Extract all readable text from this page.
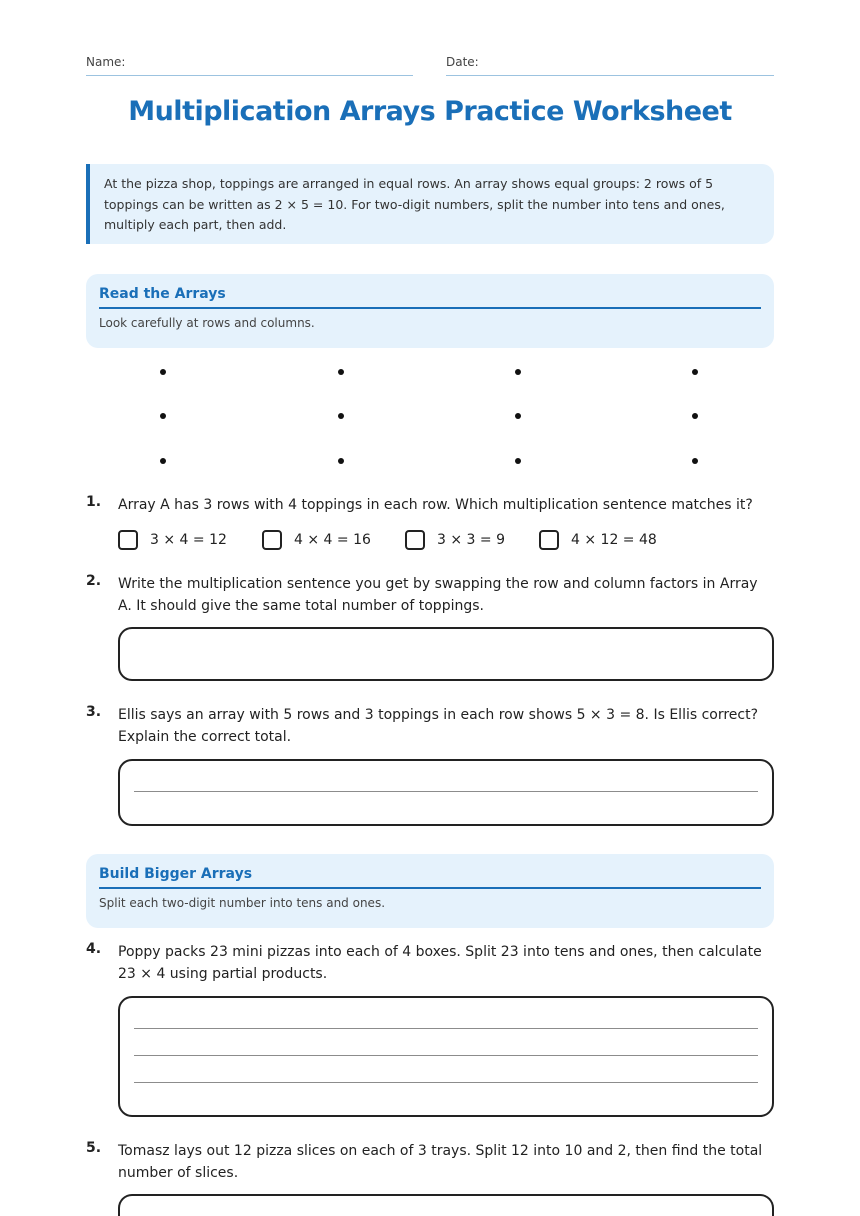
Name:	Date:
Multiplication Arrays Practice Worksheet
At the pizza shop, toppings are arranged in equal rows. An array shows equal groups: 2 rows of 5 toppings can be written as 2 × 5 = 10. For two-digit numbers, split the number into tens and ones, multiply each part, then add.
Read the Arrays
Look carefully at rows and columns.
1. Array A has 3 rows with 4 toppings in each row. Which multiplication sentence matches it?
3 × 4 = 12	4 × 4 = 16	3 × 3 = 9	4 × 12 = 48
2. Write the multiplication sentence you get by swapping the row and column factors in Array A. It should give the same total number of toppings.
3. Ellis says an array with 5 rows and 3 toppings in each row shows 5 × 3 = 8. Is Ellis correct? Explain the correct total.
Build Bigger Arrays
Split each two-digit number into tens and ones.
4. Poppy packs 23 mini pizzas into each of 4 boxes. Split 23 into tens and ones, then calculate 23 × 4 using partial products.
5. Tomasz lays out 12 pizza slices on each of 3 trays. Split 12 into 10 and 2, then find the total number of slices.
